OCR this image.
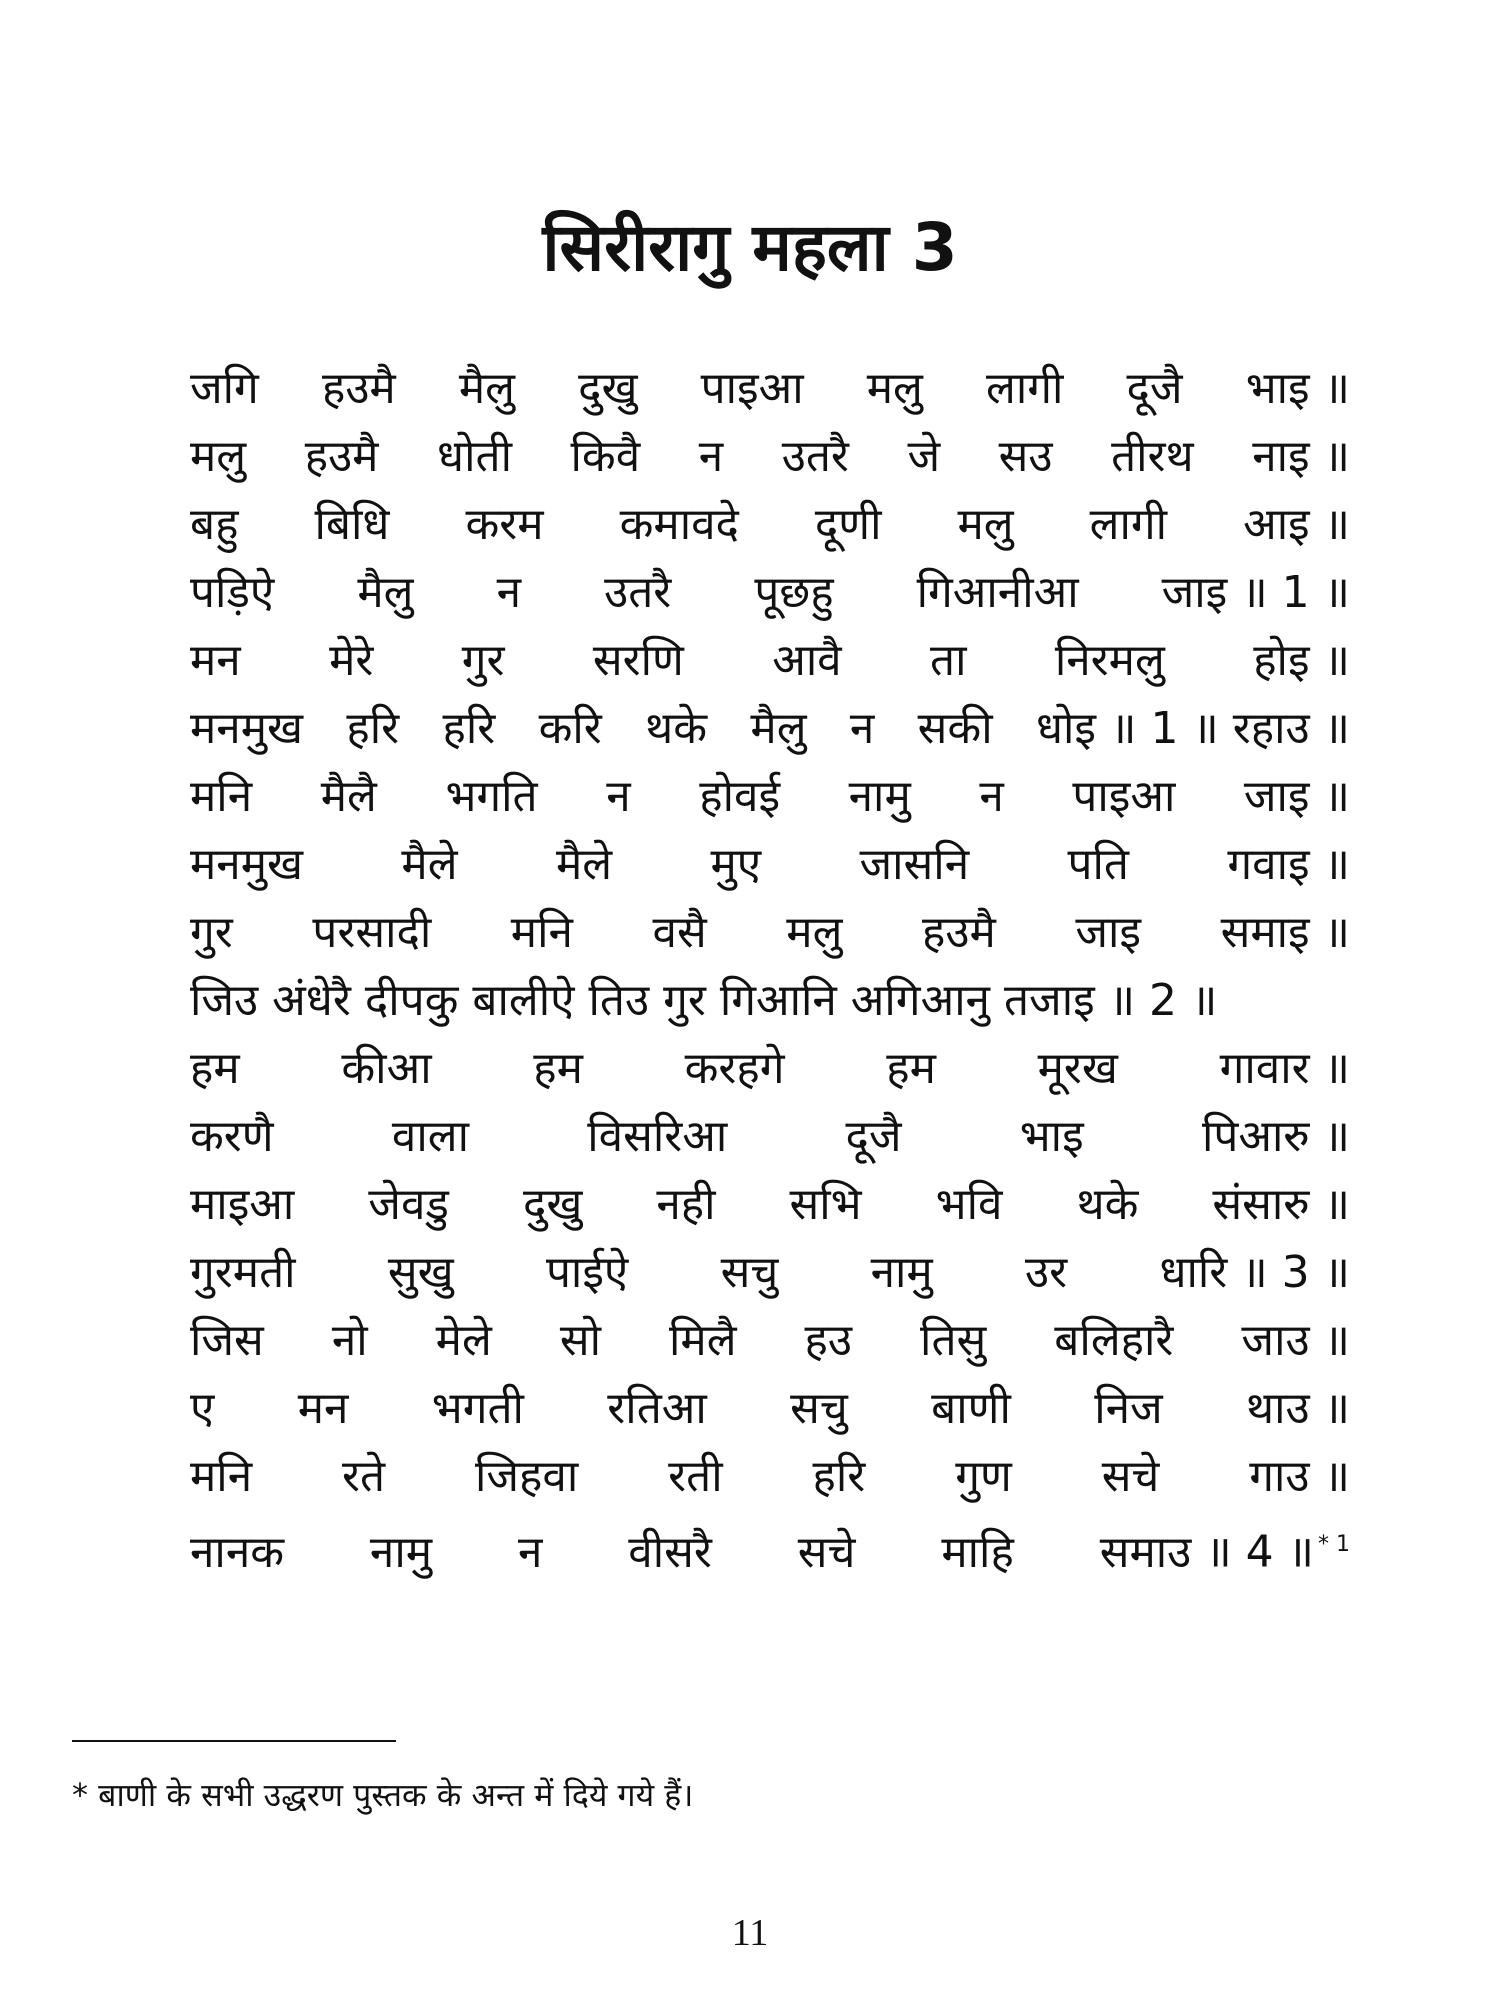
सिरीरागु महला 3
जगि हउमै मैलु दुखु पाइआ मलु लागी दूजै भाइ ॥
मलु हउमै धोती किवै न उतरै जे सउ तीरथ नाइ ॥
बहु बिधि करम कमावदे दूणी मलु लागी आइ ॥
पड़िऐ मैलु न उतरै पूछहु गिआनीआ जाइ ॥ 1 ॥
मन मेरे गुर सरणि आवै ता निरमलु होइ ॥
मनमुख हरि हरि करि थके मैलु न सकी धोइ ॥ 1 ॥ रहाउ ॥
मनि मैलै भगति न होवई नामु न पाइआ जाइ ॥
मनमुख मैले मैले मुए जासनि पति गवाइ ॥
गुर परसादी मनि वसै मलु हउमै जाइ समाइ ॥
जिउ अंधेरै दीपकु बालीऐ तिउ गुर गिआनि अगिआनु तजाइ ॥ 2 ॥
हम कीआ हम करहगे हम मूरख गावार ॥
करणै	वाला	विसरिआ	दूजै	भाइ	पिआरु ॥
माइआ जेवडु दुखु नही सभि भवि थके संसारु ॥
गुरमती सुखु पाईऐ सचु नामु उर धारि ॥ 3 ॥
जिस नो मेले सो मिलै हउ तिसु बलिहारै जाउ ॥
ए मन भगती रतिआ सचु बाणी निज थाउ ॥
मनि रते जिहवा रती हरि गुण सचे गाउ ॥
नानक नामु न वीसरै सचे माहि समाउ ॥ 4 ॥ $^{* 1}$
* बाणी के सभी उद्धरण पुस्तक के अन्त में दिये गये हैं।
11
